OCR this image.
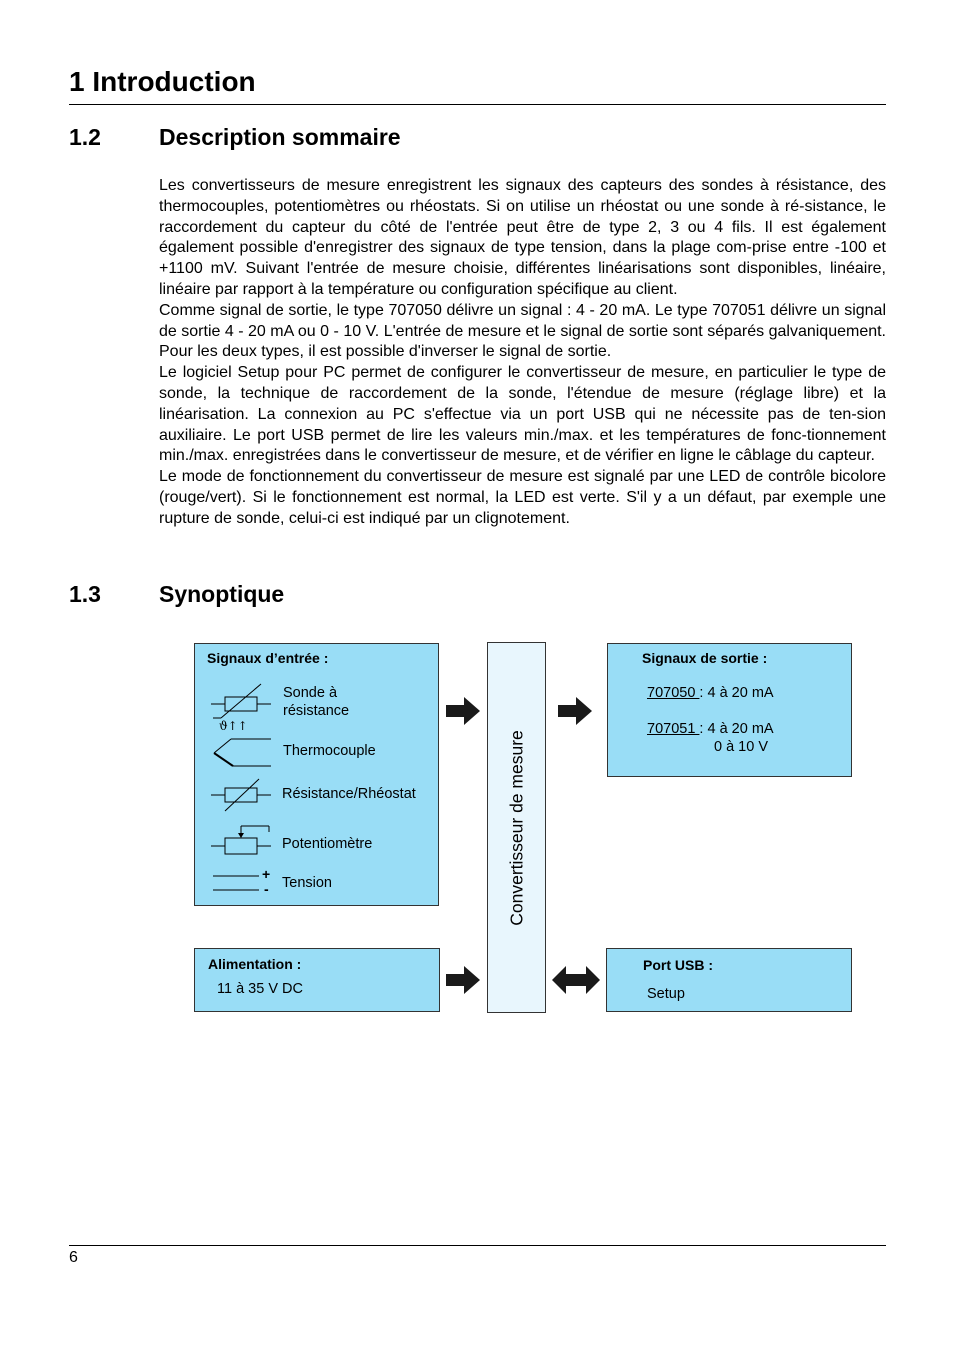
1 Introduction
1.2	Description sommaire

Les convertisseurs de mesure enregistrent les signaux des capteurs des sondes à résistance, des thermocouples, potentiomètres ou rhéostats. Si on utilise un rhéostat ou une sonde à ré-sistance, le raccordement du capteur du côté de l'entrée peut être de type 2, 3 ou 4 fils. Il est également également possible d'enregistrer des signaux de type tension, dans la plage com-prise entre -100 et +1100 mV. Suivant l'entrée de mesure choisie, différentes linéarisations sont disponibles, linéaire, linéaire par rapport à la température ou configuration spécifique au client.

Comme signal de sortie, le type 707050 délivre un signal : 4 - 20 mA. Le type 707051 délivre un signal de sortie 4 - 20 mA ou 0 - 10 V. L'entrée de mesure et le signal de sortie sont séparés galvaniquement. Pour les deux types, il est possible d'inverser le signal de sortie.

Le logiciel Setup pour PC permet de configurer le convertisseur de mesure, en particulier le type de sonde, la technique de raccordement de la sonde, l'étendue de mesure (réglage libre) et la linéarisation. La connexion au PC s'effectue via un port USB qui ne nécessite pas de ten-sion auxiliaire. Le port USB permet de lire les valeurs min./max. et les températures de fonc-tionnement min./max. enregistrées dans le convertisseur de mesure, et de vérifier en ligne le câblage du capteur.

Le mode de fonctionnement du convertisseur de mesure est signalé par une LED de contrôle bicolore (rouge/vert). Si le fonctionnement est normal, la LED est verte. S'il y a un défaut, par exemple une rupture de sonde, celui-ci est indiqué par un clignotement.

1.3	Synoptique
Signaux d’entrée :
ϑ↑↑
Sonde à
résistance
Thermocouple
Résistance/Rhéostat
Potentiomètre
+
- Tension
Alimentation :
11 à 35 V DC
Convertisseur de mesure
Signaux de sortie :
707050 : 4 à 20 mA
707051 : 4 à 20 mA
0 à 10 V
Port USB :
Setup
6
